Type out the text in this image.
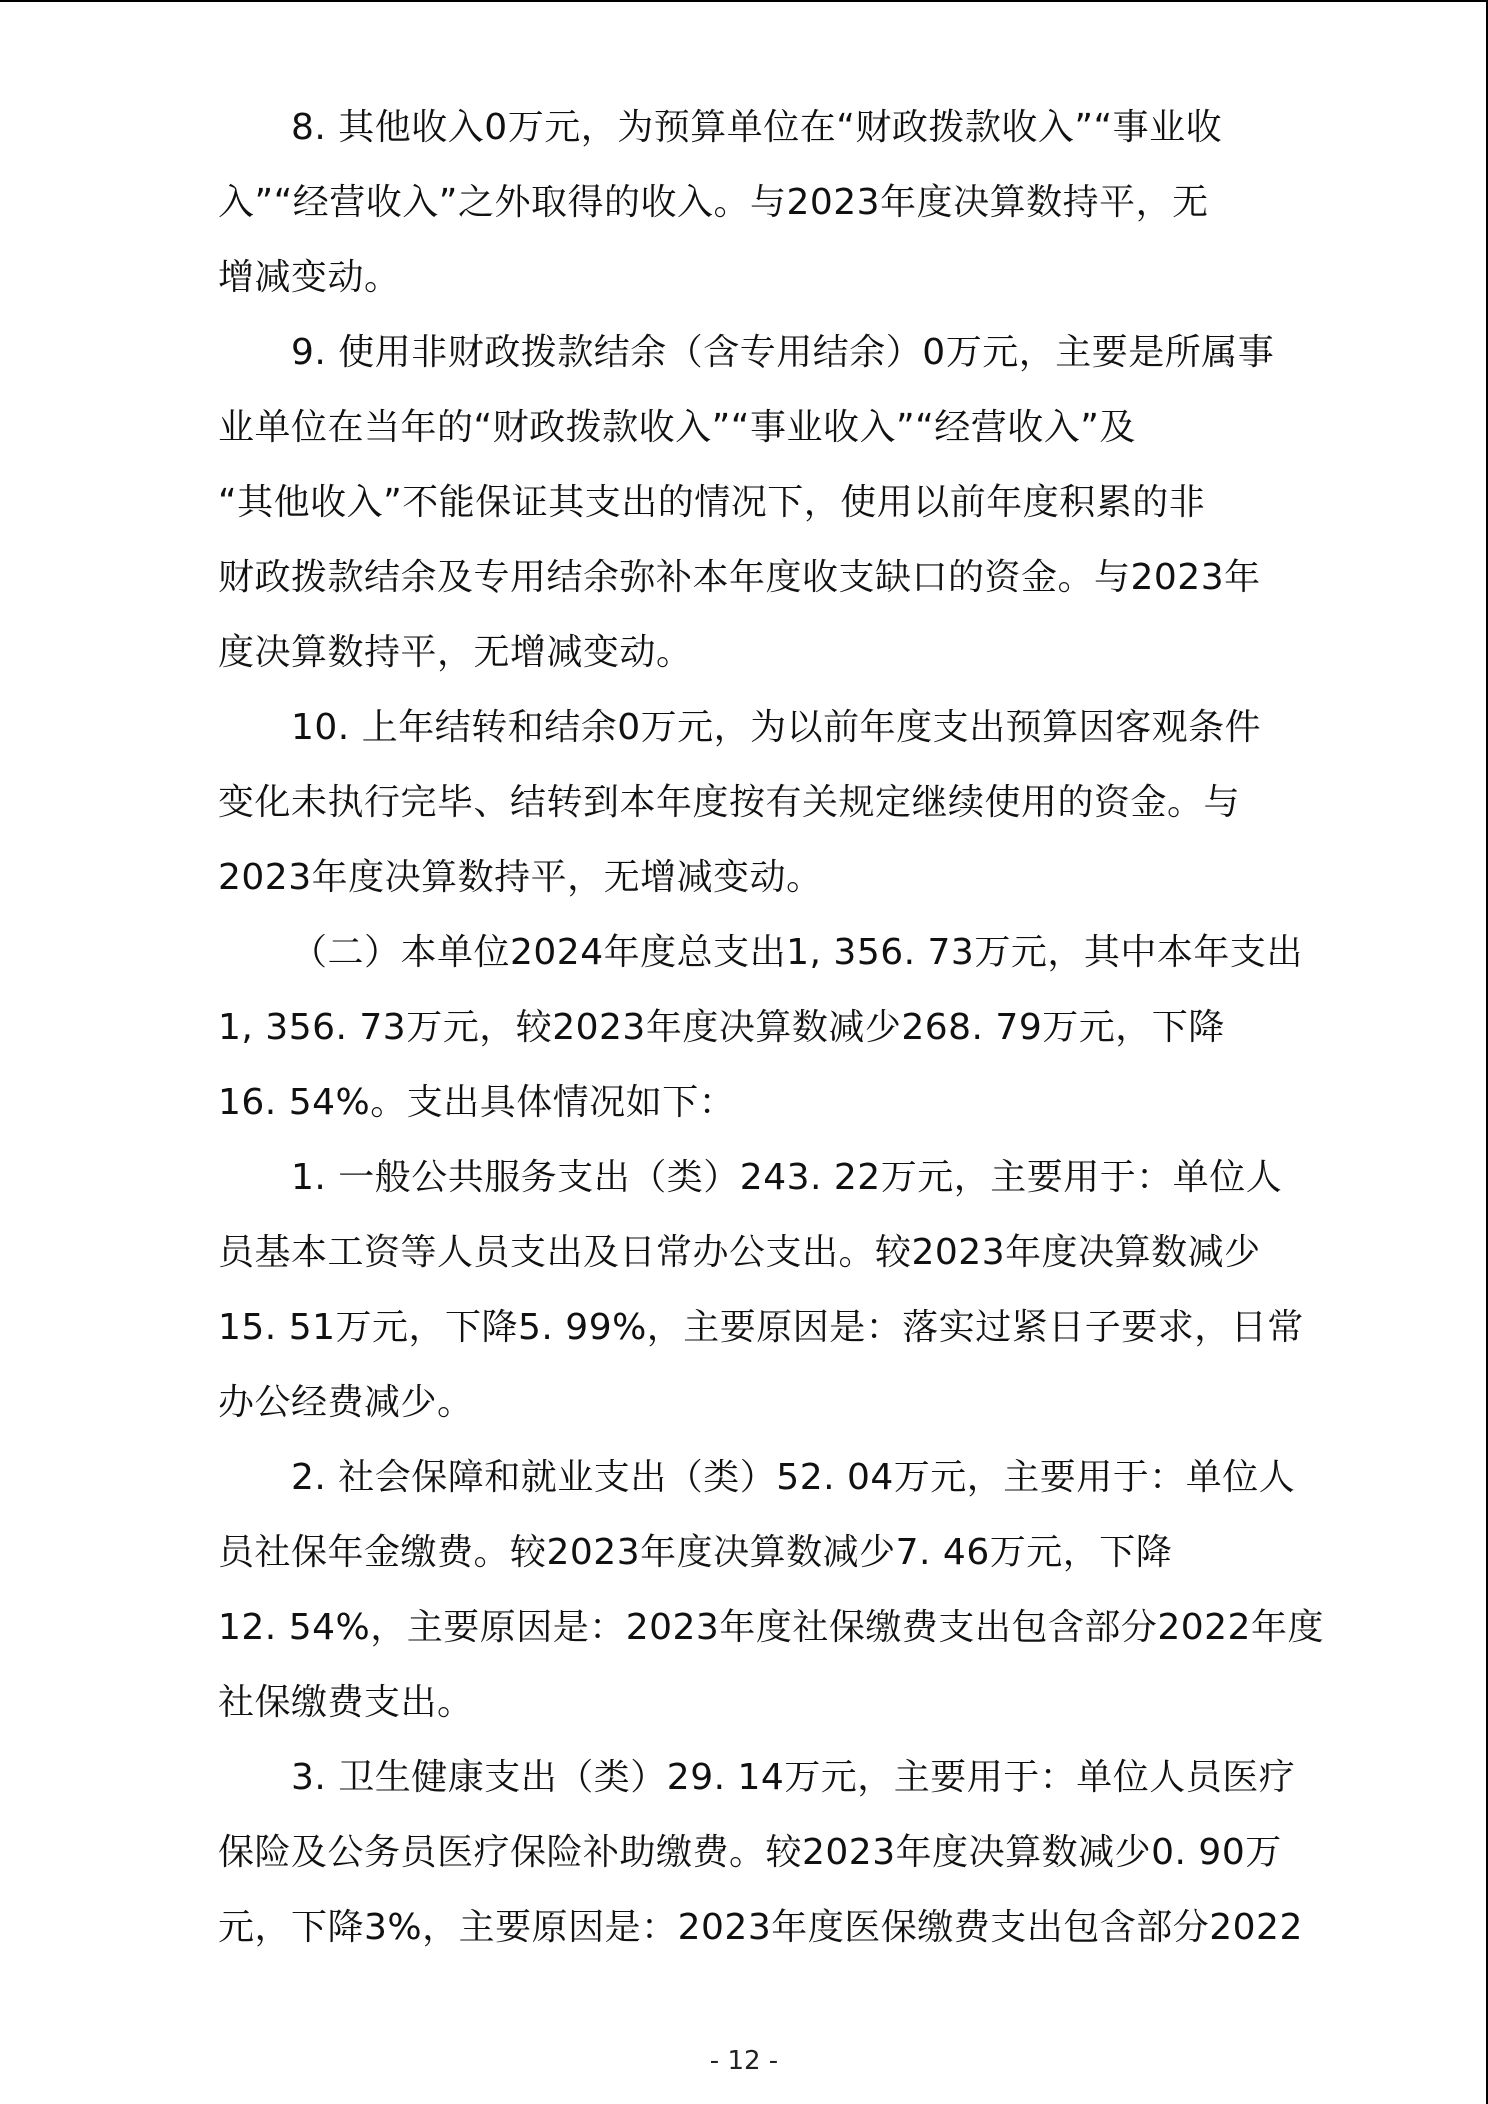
8. 其他收入0万元，为预算单位在“财政拨款收入”“事业收
入”“经营收入”之外取得的收入。与2023年度决算数持平，无
增减变动。
9. 使用非财政拨款结余（含专用结余）0万元，主要是所属事
业单位在当年的“财政拨款收入”“事业收入”“经营收入”及
“其他收入”不能保证其支出的情况下，使用以前年度积累的非
财政拨款结余及专用结余弥补本年度收支缺口的资金。与2023年
度决算数持平，无增减变动。
10. 上年结转和结余0万元，为以前年度支出预算因客观条件
变化未执行完毕、结转到本年度按有关规定继续使用的资金。与
2023年度决算数持平，无增减变动。
（二）本单位2024年度总支出1, 356. 73万元，其中本年支出
1, 356. 73万元，较2023年度决算数减少268. 79万元，下降
16. 54%。支出具体情况如下：
1. 一般公共服务支出（类）243. 22万元，主要用于：单位人
员基本工资等人员支出及日常办公支出。较2023年度决算数减少
15. 51万元，下降5. 99%，主要原因是：落实过紧日子要求，日常
办公经费减少。
2. 社会保障和就业支出（类）52. 04万元，主要用于：单位人
员社保年金缴费。较2023年度决算数减少7. 46万元，下降
12. 54%，主要原因是：2023年度社保缴费支出包含部分2022年度
社保缴费支出。
3. 卫生健康支出（类）29. 14万元，主要用于：单位人员医疗
保险及公务员医疗保险补助缴费。较2023年度决算数减少0. 90万
元，下降3%，主要原因是：2023年度医保缴费支出包含部分2022
- 12 -
